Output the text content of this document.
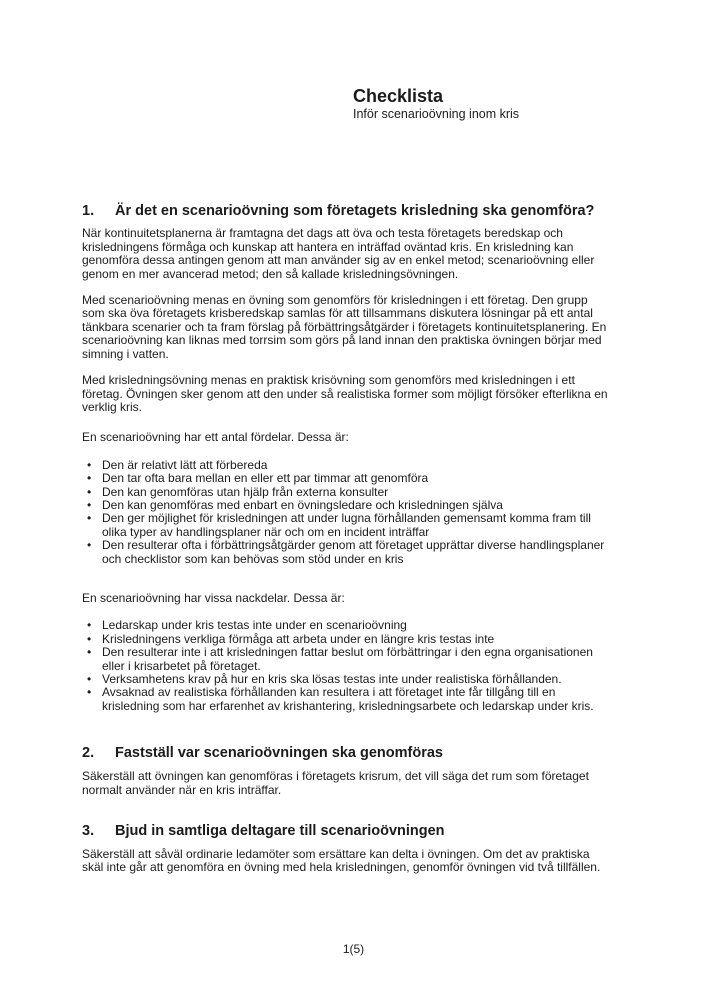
Checklista

Inför scenarioövning inom kris

1.	Är det en scenarioövning som företagets krisledning ska genomföra?

När kontinuitetsplanerna är framtagna det dags att öva och testa företagets beredskap och krisledningens förmåga och kunskap att hantera en inträffad oväntad kris. En krisledning kan genomföra dessa antingen genom att man använder sig av en enkel metod; scenarioövning eller genom en mer avancerad metod; den så kallade krisledningsövningen.

Med scenarioövning menas en övning som genomförs för krisledningen i ett företag. Den grupp som ska öva företagets krisberedskap samlas för att tillsammans diskutera lösningar på ett antal tänkbara scenarier och ta fram förslag på förbättringsåtgärder i företagets kontinuitetsplanering. En scenarioövning kan liknas med torrsim som görs på land innan den praktiska övningen börjar med simning i vatten.

Med krisledningsövning menas en praktisk krisövning som genomförs med krisledningen i ett företag. Övningen sker genom att den under så realistiska former som möjligt försöker efterlikna en verklig kris.

En scenarioövning har ett antal fördelar. Dessa är:

• Den är relativt lätt att förbereda
• Den tar ofta bara mellan en eller ett par timmar att genomföra
• Den kan genomföras utan hjälp från externa konsulter
• Den kan genomföras med enbart en övningsledare och krisledningen själva
• Den ger möjlighet för krisledningen att under lugna förhållanden gemensamt komma fram till olika typer av handlingsplaner när och om en incident inträffar
• Den resulterar ofta i förbättringsåtgärder genom att företaget upprättar diverse handlingsplaner och checklistor som kan behövas som stöd under en kris

En scenarioövning har vissa nackdelar. Dessa är:

• Ledarskap under kris testas inte under en scenarioövning
• Krisledningens verkliga förmåga att arbeta under en längre kris testas inte
• Den resulterar inte i att krisledningen fattar beslut om förbättringar i den egna organisationen eller i krisarbetet på företaget.
• Verksamhetens krav på hur en kris ska lösas testas inte under realistiska förhållanden.
• Avsaknad av realistiska förhållanden kan resultera i att företaget inte får tillgång till en krisledning som har erfarenhet av krishantering, krisledningsarbete och ledarskap under kris.
2.	Fastställ var scenarioövningen ska genomföras

Säkerställ att övningen kan genomföras i företagets krisrum, det vill säga det rum som företaget normalt använder när en kris inträffar.

3.	Bjud in samtliga deltagare till scenarioövningen

Säkerställ att såväl ordinarie ledamöter som ersättare kan delta i övningen. Om det av praktiska skäl inte går att genomföra en övning med hela krisledningen, genomför övningen vid två tillfällen.

1(5)
